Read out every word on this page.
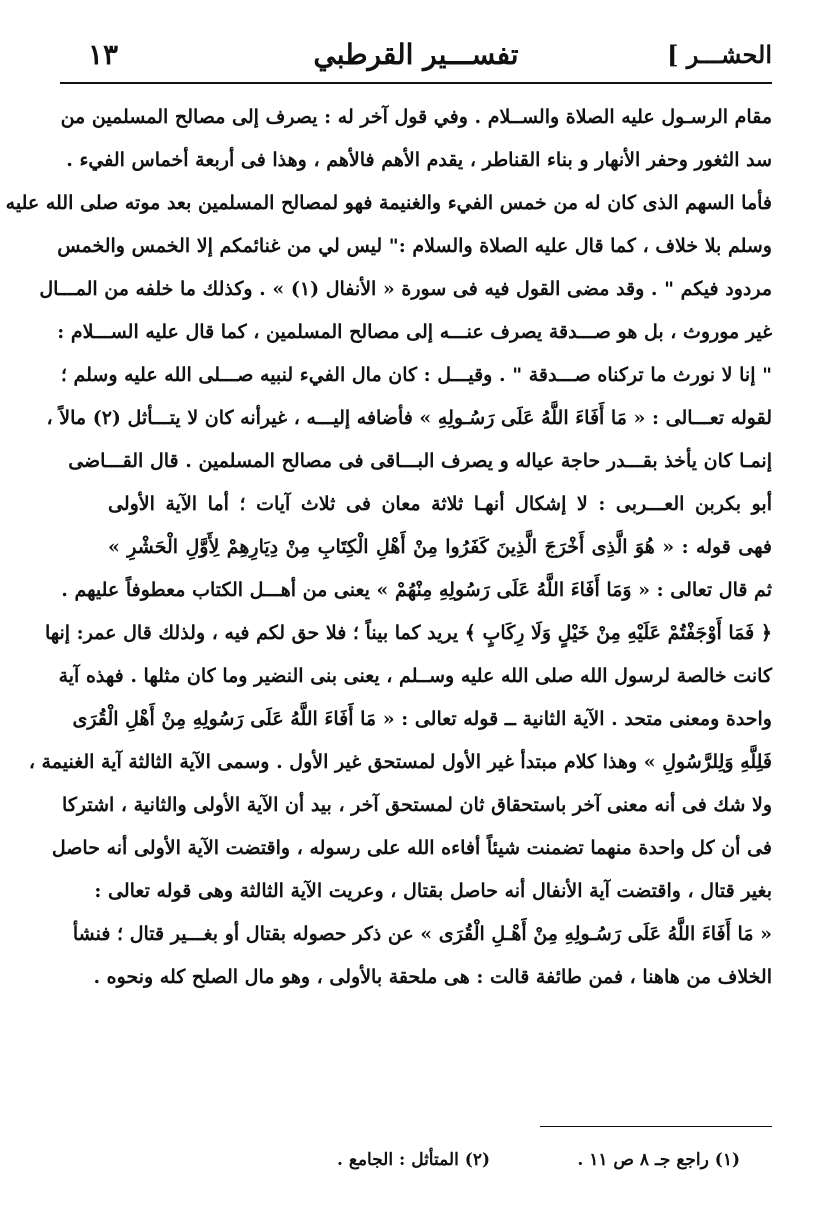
الحشـــر ]
تفســـير القرطبي
١٣
مقام الرسـول عليه الصلاة والســلام . وفي قول آخر له : يصرف إلى مصالح المسلمين من
سد الثغور وحفر الأنهار و بناء القناطر ، يقدم الأهم فالأهم ، وهذا فى أربعة أخماس الفيء .
فأما السهم الذى كان له من خمس الفيء والغنيمة فهو لمصالح المسلمين بعد موته صلى الله عليه
وسلم بلا خلاف ، كما قال عليه الصلاة والسلام :" ليس لي من غنائمكم إلا الخمس والخمس
مردود فيكم " . وقد مضى القول فيه فى سورة « الأنفال (١) » . وكذلك ما خلفه من المـــال
غير موروث ، بل هو صـــدقة يصرف عنـــه إلى مصالح المسلمين ، كما قال عليه الســـلام :
" إنا لا نورث ما تركناه صـــدقة " . وقيـــل : كان مال الفيء لنبيه صـــلى الله عليه وسلم ؛
لقوله تعـــالى : « مَا أَفَاءَ اللَّهُ عَلَى رَسُـولِهِ » فأضافه إليـــه ، غيرأنه كان لا يتـــأثل (٢) مالاً ،
إنمـا كان يأخذ بقـــدر حاجة عياله و يصرف البـــاقى فى مصالح المسلمين . قال القـــاضى
أبو بكربن العـــربى : لا إشكال أنهـا ثلاثة معان فى ثلاث آيات ؛ أما الآية الأولى
فهى قوله : « هُوَ الَّذِى أَخْرَجَ الَّذِينَ كَفَرُوا مِنْ أَهْلِ الْكِتَابِ مِنْ دِيَارِهِمْ لِأَوَّلِ الْحَشْرِ »
ثم قال تعالى : « وَمَا أَفَاءَ اللَّهُ عَلَى رَسُولِهِ مِنْهُمْ » يعنى من أهـــل الكتاب معطوفاً عليهم .
﴿ فَمَا أَوْجَفْتُمْ عَلَيْهِ مِنْ خَيْلٍ وَلَا رِكَابٍ ﴾ يريد كما بيناً ؛ فلا حق لكم فيه ، ولذلك قال عمر: إنها
كانت خالصة لرسول الله صلى الله عليه وســلم ، يعنى بنى النضير وما كان مثلها . فهذه آية
واحدة ومعنى متحد . الآية الثانية ــ قوله تعالى : « مَا أَفَاءَ اللَّهُ عَلَى رَسُولِهِ مِنْ أَهْلِ الْقُرَى
فَلِلَّهِ وَلِلرَّسُولِ » وهذا كلام مبتدأ غير الأول لمستحق غير الأول . وسمى الآية الثالثة آية الغنيمة ،
ولا شك فى أنه معنى آخر باستحقاق ثان لمستحق آخر ، بيد أن الآية الأولى والثانية ، اشتركا
فى أن كل واحدة منهما تضمنت شيئاً أفاءه الله على رسوله ، واقتضت الآية الأولى أنه حاصل
بغير قتال ، واقتضت آية الأنفال أنه حاصل بقتال ، وعريت الآية الثالثة وهى قوله تعالى :
« مَا أَفَاءَ اللَّهُ عَلَى رَسُـولِهِ مِنْ أَهْـلِ الْقُرَى » عن ذكر حصوله بقتال أو بغـــير قتال ؛ فنشأ
الخلاف من هاهنا ، فمن طائفة قالت : هى ملحقة بالأولى ، وهو مال الصلح كله ونحوه .
(١) راجع جـ ٨ ص ١١ .
(٢) المتأثل : الجامع .
